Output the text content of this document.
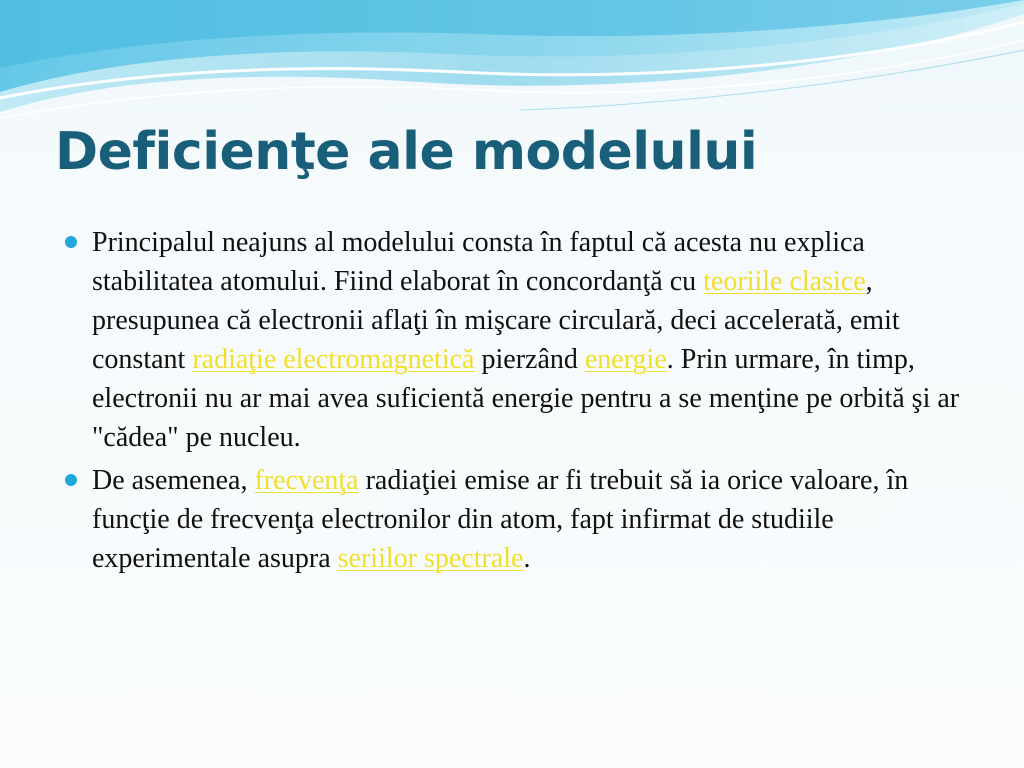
Deficienţe ale modelului

Principalul neajuns al modelului consta în faptul că acesta nu explica stabilitatea atomului. Fiind elaborat în concordanţă cu teoriile clasice, presupunea că electronii aflaţi în mişcare circulară, deci accelerată, emit constant radiaţie electromagnetică pierzând energie. Prin urmare, în timp, electronii nu ar mai avea suficientă energie pentru a se menţine pe orbită şi ar "cădea" pe nucleu.

De asemenea, frecvenţa radiaţiei emise ar fi trebuit să ia orice valoare, în funcţie de frecvenţa electronilor din atom, fapt infirmat de studiile experimentale asupra seriilor spectrale.
